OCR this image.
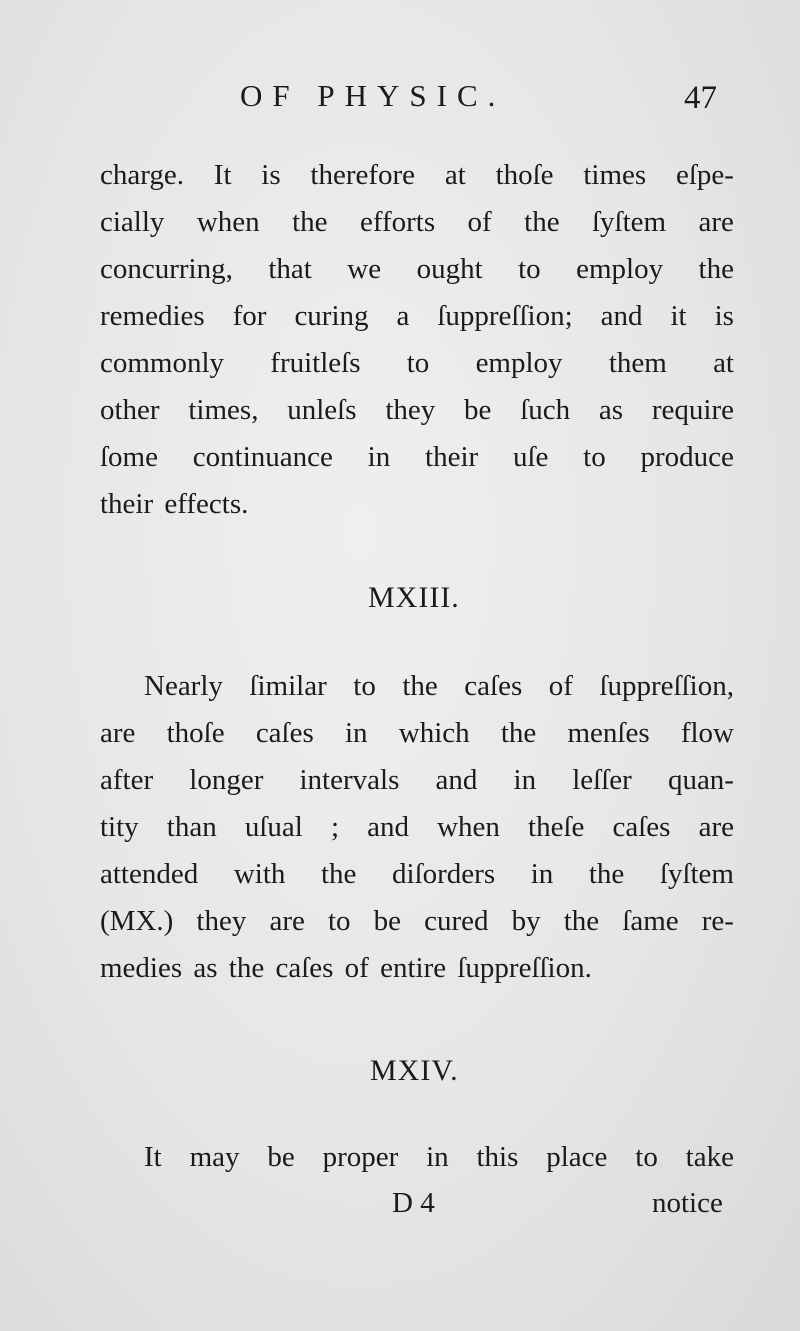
OF PHYSIC.	47
charge. It is therefore at thoſe times eſpe-
cially when the efforts of the ſyſtem are
concurring, that we ought to employ the
remedies for curing a ſuppreſſion; and it is
commonly fruitleſs to employ them at
other times, unleſs they be ſuch as require
ſome continuance in their uſe to produce
their effects.
MXIII.
Nearly ſimilar to the caſes of ſuppreſſion,
are thoſe caſes in which the menſes flow
after longer intervals and in leſſer quan-
tity than uſual ; and when theſe caſes are
attended with the diſorders in the ſyſtem
(MX.) they are to be cured by the ſame re-
medies as the caſes of entire ſuppreſſion.
MXIV.
It may be proper in this place to take
D 4	notice
